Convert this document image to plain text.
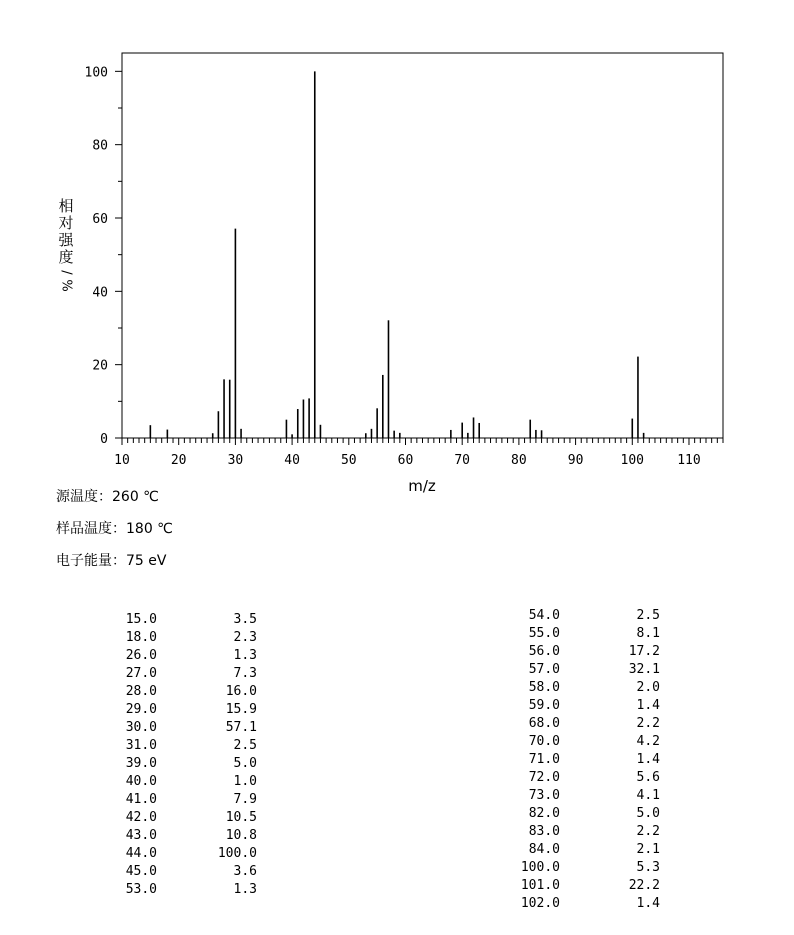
10	20	30	40	50	60	70	80	90	100	110
0
20
40
60
80
100
m/z
相
对
强
度
/
%
源温度：260 ℃
样品温度：180 ℃
电子能量：75 eV
15.0	3.5
18.0	2.3
26.0	1.3
27.0	7.3
28.0	16.0
29.0	15.9
30.0	57.1
31.0	2.5
39.0	5.0
40.0	1.0
41.0	7.9
42.0	10.5
43.0	10.8
44.0	100.0
45.0	3.6
53.0	1.3
54.0	2.5
55.0	8.1
56.0	17.2
57.0	32.1
58.0	2.0
59.0	1.4
68.0	2.2
70.0	4.2
71.0	1.4
72.0	5.6
73.0	4.1
82.0	5.0
83.0	2.2
84.0	2.1
100.0	5.3
101.0	22.2
102.0	1.4
